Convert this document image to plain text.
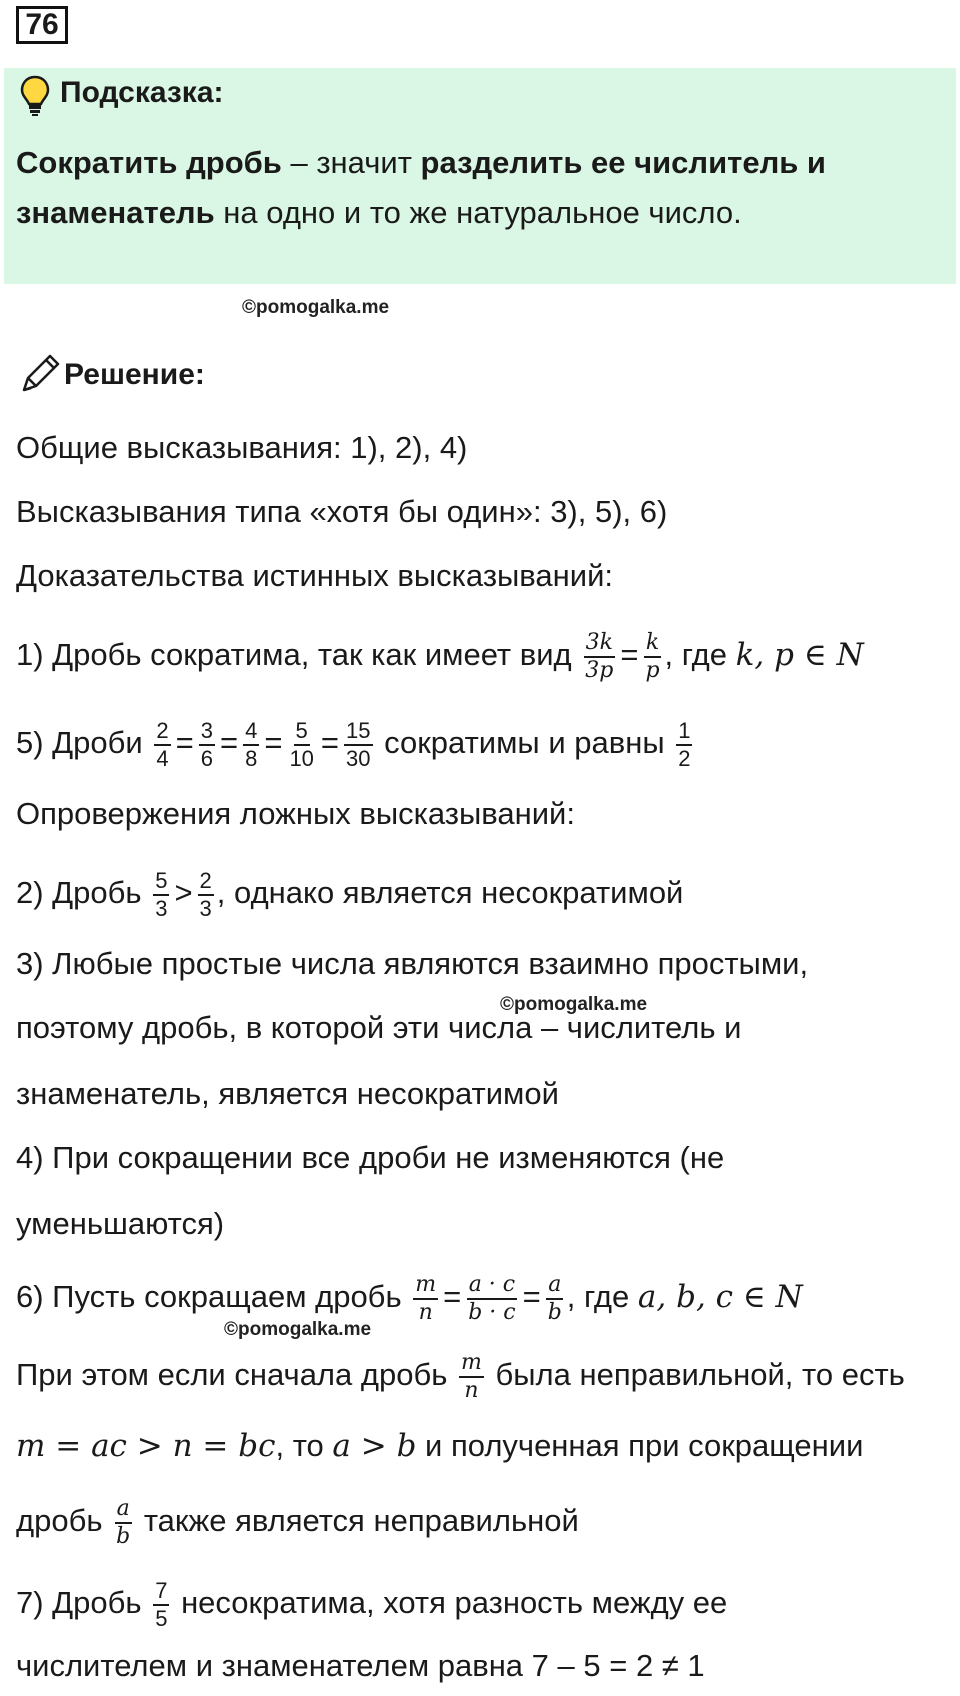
76
Подсказка:
Сократить дробь – значит разделить ее числитель и
знаменатель на одно и то же натуральное число.
©pomogalka.me
Решение:
Общие высказывания: 1), 2), 4)
Высказывания типа «хотя бы один»: 3), 5), 6)
Доказательства истинных высказываний:
1) Дробь сократима, так как имеет вид $\frac{3k}{3p} = \frac{k}{p}$ , где k, p ∈ N
5) Дроби $\frac{2}{4} = \frac{3}{6} = \frac{4}{8} = \frac{5}{10} = \frac{15}{30}$ сократимы и равны $\frac{1}{2}$
Опровержения ложных высказываний:
2) Дробь $\frac{5}{3} > \frac{2}{3}$ , однако является несократимой
3) Любые простые числа являются взаимно простыми,
©pomogalka.me
поэтому дробь, в которой эти числа – числитель и
знаменатель, является несократимой
4) При сокращении все дроби не изменяются (не
уменьшаются)
6) Пусть сокращаем дробь $\frac{m}{n} = \frac{a \cdot c}{b \cdot c} = \frac{a}{b}$ , где a, b, c ∈ N
©pomogalka.me
При этом если сначала дробь $\frac{m}{n}$ была неправильной, то есть
m = ac > n = bc, то a > b и полученная при сокращении
дробь $\frac{a}{b}$ также является неправильной
7) Дробь $\frac{7}{5}$ несократима, хотя разность между ее
числителем и знаменателем равна 7 – 5 = 2 ≠ 1
